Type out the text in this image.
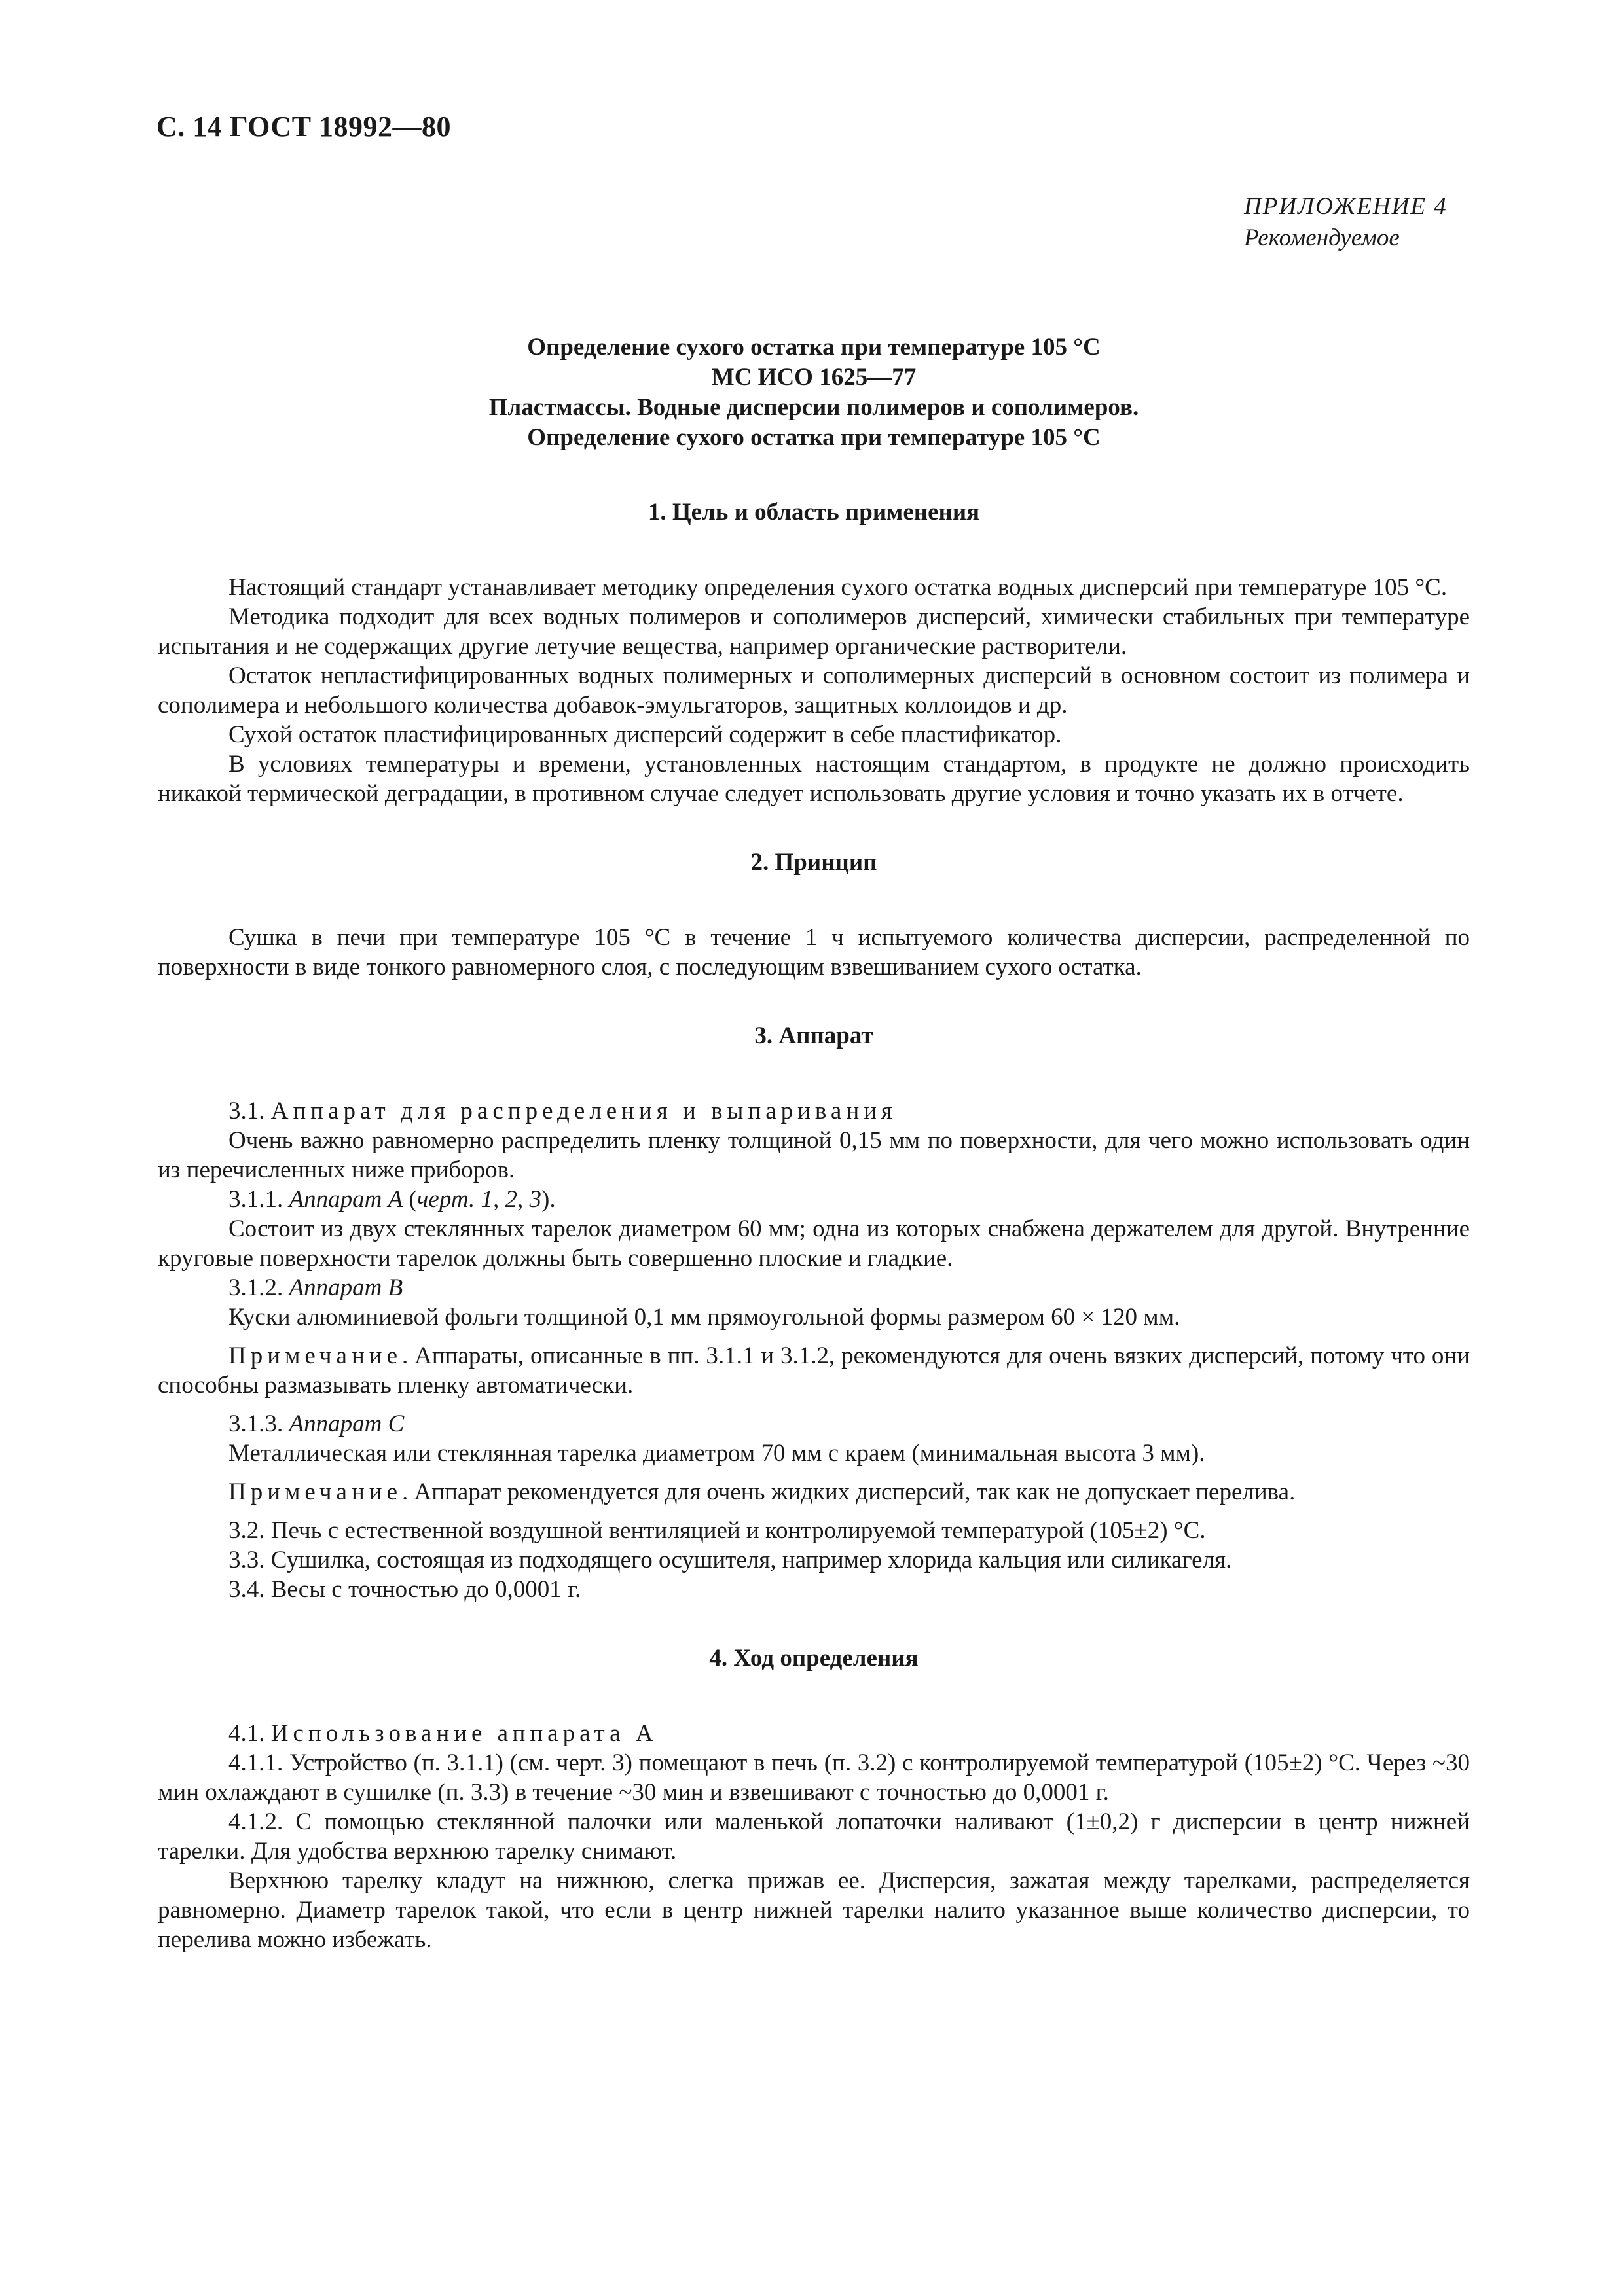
С. 14 ГОСТ 18992—80
ПРИЛОЖЕНИЕ 4
Рекомендуемое
Определение сухого остатка при температуре 105 °С
МС ИСО 1625—77
Пластмассы. Водные дисперсии полимеров и сополимеров.
Определение сухого остатка при температуре 105 °С
1. Цель и область применения

Настоящий стандарт устанавливает методику определения сухого остатка водных дисперсий при температуре 105 °С.

Методика подходит для всех водных полимеров и сополимеров дисперсий, химически стабильных при температуре испытания и не содержащих другие летучие вещества, например органические растворители.

Остаток непластифицированных водных полимерных и сополимерных дисперсий в основном состоит из полимера и сополимера и небольшого количества добавок-эмульгаторов, защитных коллоидов и др.

Сухой остаток пластифицированных дисперсий содержит в себе пластификатор.

В условиях температуры и времени, установленных настоящим стандартом, в продукте не должно происходить никакой термической деградации, в противном случае следует использовать другие условия и точно указать их в отчете.

2. Принцип

Сушка в печи при температуре 105 °С в течение 1 ч испытуемого количества дисперсии, распределенной по поверхности в виде тонкого равномерного слоя, с последующим взвешиванием сухого остатка.

3. Аппарат

3.1. Аппарат для распределения и выпаривания

Очень важно равномерно распределить пленку толщиной 0,15 мм по поверхности, для чего можно использовать один из перечисленных ниже приборов.

3.1.1. Аппарат А (черт. 1, 2, 3).

Состоит из двух стеклянных тарелок диаметром 60 мм; одна из которых снабжена держателем для другой. Внутренние круговые поверхности тарелок должны быть совершенно плоские и гладкие.

3.1.2. Аппарат В

Куски алюминиевой фольги толщиной 0,1 мм прямоугольной формы размером 60 × 120 мм.

Примечание. Аппараты, описанные в пп. 3.1.1 и 3.1.2, рекомендуются для очень вязких дисперсий, потому что они способны размазывать пленку автоматически.

3.1.3. Аппарат С

Металлическая или стеклянная тарелка диаметром 70 мм с краем (минимальная высота 3 мм).

Примечание. Аппарат рекомендуется для очень жидких дисперсий, так как не допускает перелива.

3.2. Печь с естественной воздушной вентиляцией и контролируемой температурой (105±2) °С.

3.3. Сушилка, состоящая из подходящего осушителя, например хлорида кальция или силикагеля.

3.4. Весы с точностью до 0,0001 г.

4. Ход определения

4.1. Использование аппарата А

4.1.1. Устройство (п. 3.1.1) (см. черт. 3) помещают в печь (п. 3.2) с контролируемой температурой (105±2) °С. Через ~30 мин охлаждают в сушилке (п. 3.3) в течение ~30 мин и взвешивают с точностью до 0,0001 г.

4.1.2. С помощью стеклянной палочки или маленькой лопаточки наливают (1±0,2) г дисперсии в центр нижней тарелки. Для удобства верхнюю тарелку снимают.

Верхнюю тарелку кладут на нижнюю, слегка прижав ее. Дисперсия, зажатая между тарелками, распределяется равномерно. Диаметр тарелок такой, что если в центр нижней тарелки налито указанное выше количество дисперсии, то перелива можно избежать.
